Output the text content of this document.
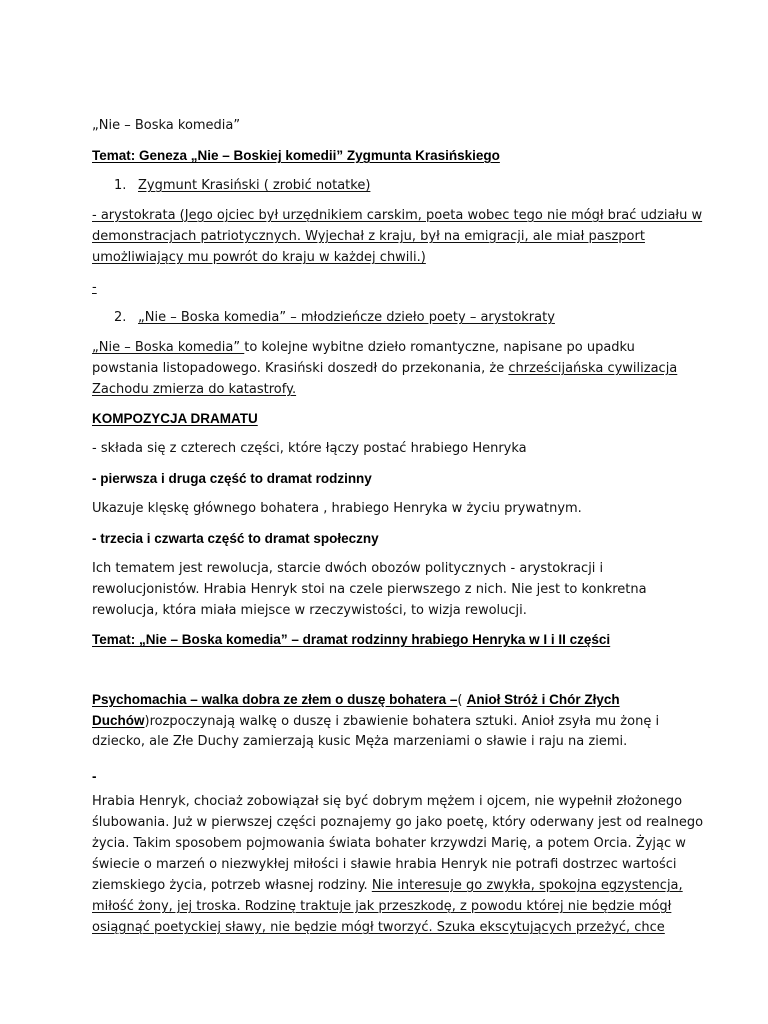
„Nie – Boska komedia”
Temat: Geneza „Nie – Boskiej komedii” Zygmunta Krasińskiego
1. Zygmunt Krasiński ( zrobić notatke)
- arystokrata (Jego ojciec był urzędnikiem carskim, poeta wobec tego nie mógł brać udziału w
demonstracjach patriotycznych. Wyjechał z kraju, był na emigracji, ale miał paszport
umożliwiający mu powrót do kraju w każdej chwili.)
-
2. „Nie – Boska komedia” – młodzieńcze dzieło poety – arystokraty
„Nie – Boska komedia” to kolejne wybitne dzieło romantyczne, napisane po upadku
powstania listopadowego. Krasiński doszedł do przekonania, że chrześcijańska cywilizacja
Zachodu zmierza do katastrofy.
KOMPOZYCJA DRAMATU
- składa się z czterech części, które łączy postać hrabiego Henryka
- pierwsza i druga część to dramat rodzinny
Ukazuje klęskę głównego bohatera , hrabiego Henryka w życiu prywatnym.
- trzecia i czwarta część to dramat społeczny
Ich tematem jest rewolucja, starcie dwóch obozów politycznych - arystokracji i
rewolucjonistów. Hrabia Henryk stoi na czele pierwszego z nich. Nie jest to konkretna
rewolucja, która miała miejsce w rzeczywistości, to wizja rewolucji.
Temat: „Nie – Boska komedia” – dramat rodzinny hrabiego Henryka w I i II części
Psychomachia – walka dobra ze złem o duszę bohatera –( Anioł Stróż i Chór Złych
Duchów)rozpoczynają walkę o duszę i zbawienie bohatera sztuki. Anioł zsyła mu żonę i
dziecko, ale Złe Duchy zamierzają kusic Męża marzeniami o sławie i raju na ziemi.
-
Hrabia Henryk, chociaż zobowiązał się być dobrym mężem i ojcem, nie wypełnił złożonego
ślubowania. Już w pierwszej części poznajemy go jako poetę, który oderwany jest od realnego
życia. Takim sposobem pojmowania świata bohater krzywdzi Marię, a potem Orcia. Żyjąc w
świecie o marzeń o niezwykłej miłości i sławie hrabia Henryk nie potrafi dostrzec wartości
ziemskiego życia, potrzeb własnej rodziny. Nie interesuje go zwykła, spokojna egzystencja,
miłość żony, jej troska. Rodzinę traktuje jak przeszkodę, z powodu której nie będzie mógł
osiągnąć poetyckiej sławy, nie będzie mógł tworzyć. Szuka ekscytujących przeżyć, chce
